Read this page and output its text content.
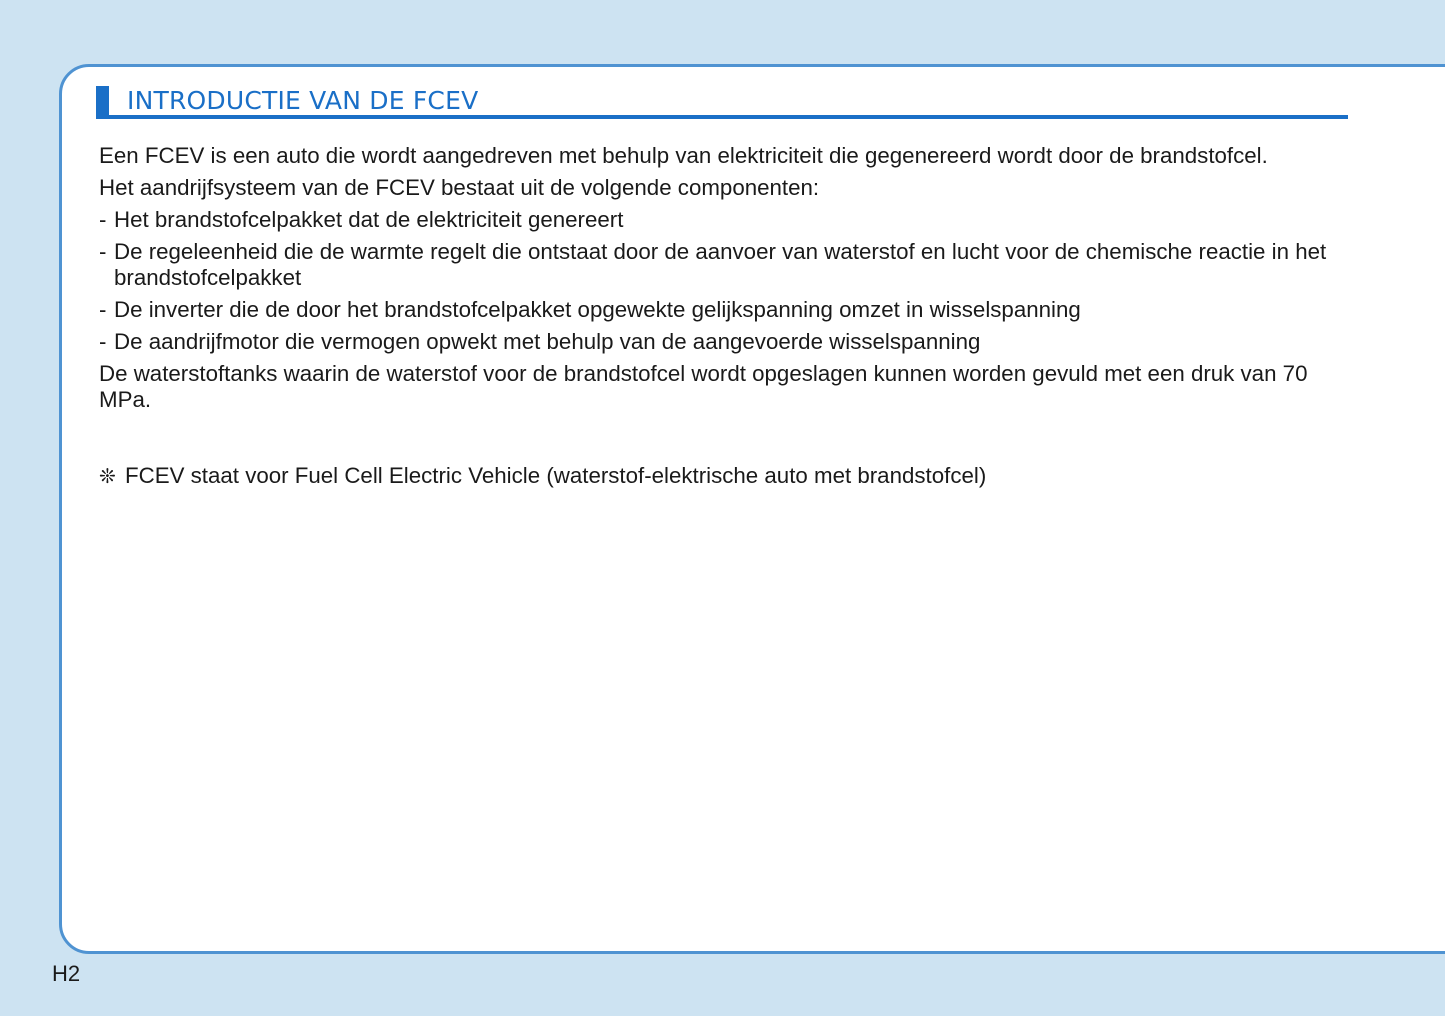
INTRODUCTIE VAN DE FCEV

Een FCEV is een auto die wordt aangedreven met behulp van elektriciteit die gegenereerd wordt door de brandstofcel.

Het aandrijfsysteem van de FCEV bestaat uit de volgende componenten:

- Het brandstofcelpakket dat de elektriciteit genereert

- De regeleenheid die de warmte regelt die ontstaat door de aanvoer van waterstof en lucht voor de chemische reactie in het brandstofcelpakket

- De inverter die de door het brandstofcelpakket opgewekte gelijkspanning omzet in wisselspanning

- De aandrijfmotor die vermogen opwekt met behulp van de aangevoerde wisselspanning

De waterstoftanks waarin de waterstof voor de brandstofcel wordt opgeslagen kunnen worden gevuld met een druk van 70 MPa.

❊ FCEV staat voor Fuel Cell Electric Vehicle (waterstof-elektrische auto met brandstofcel)
H2
